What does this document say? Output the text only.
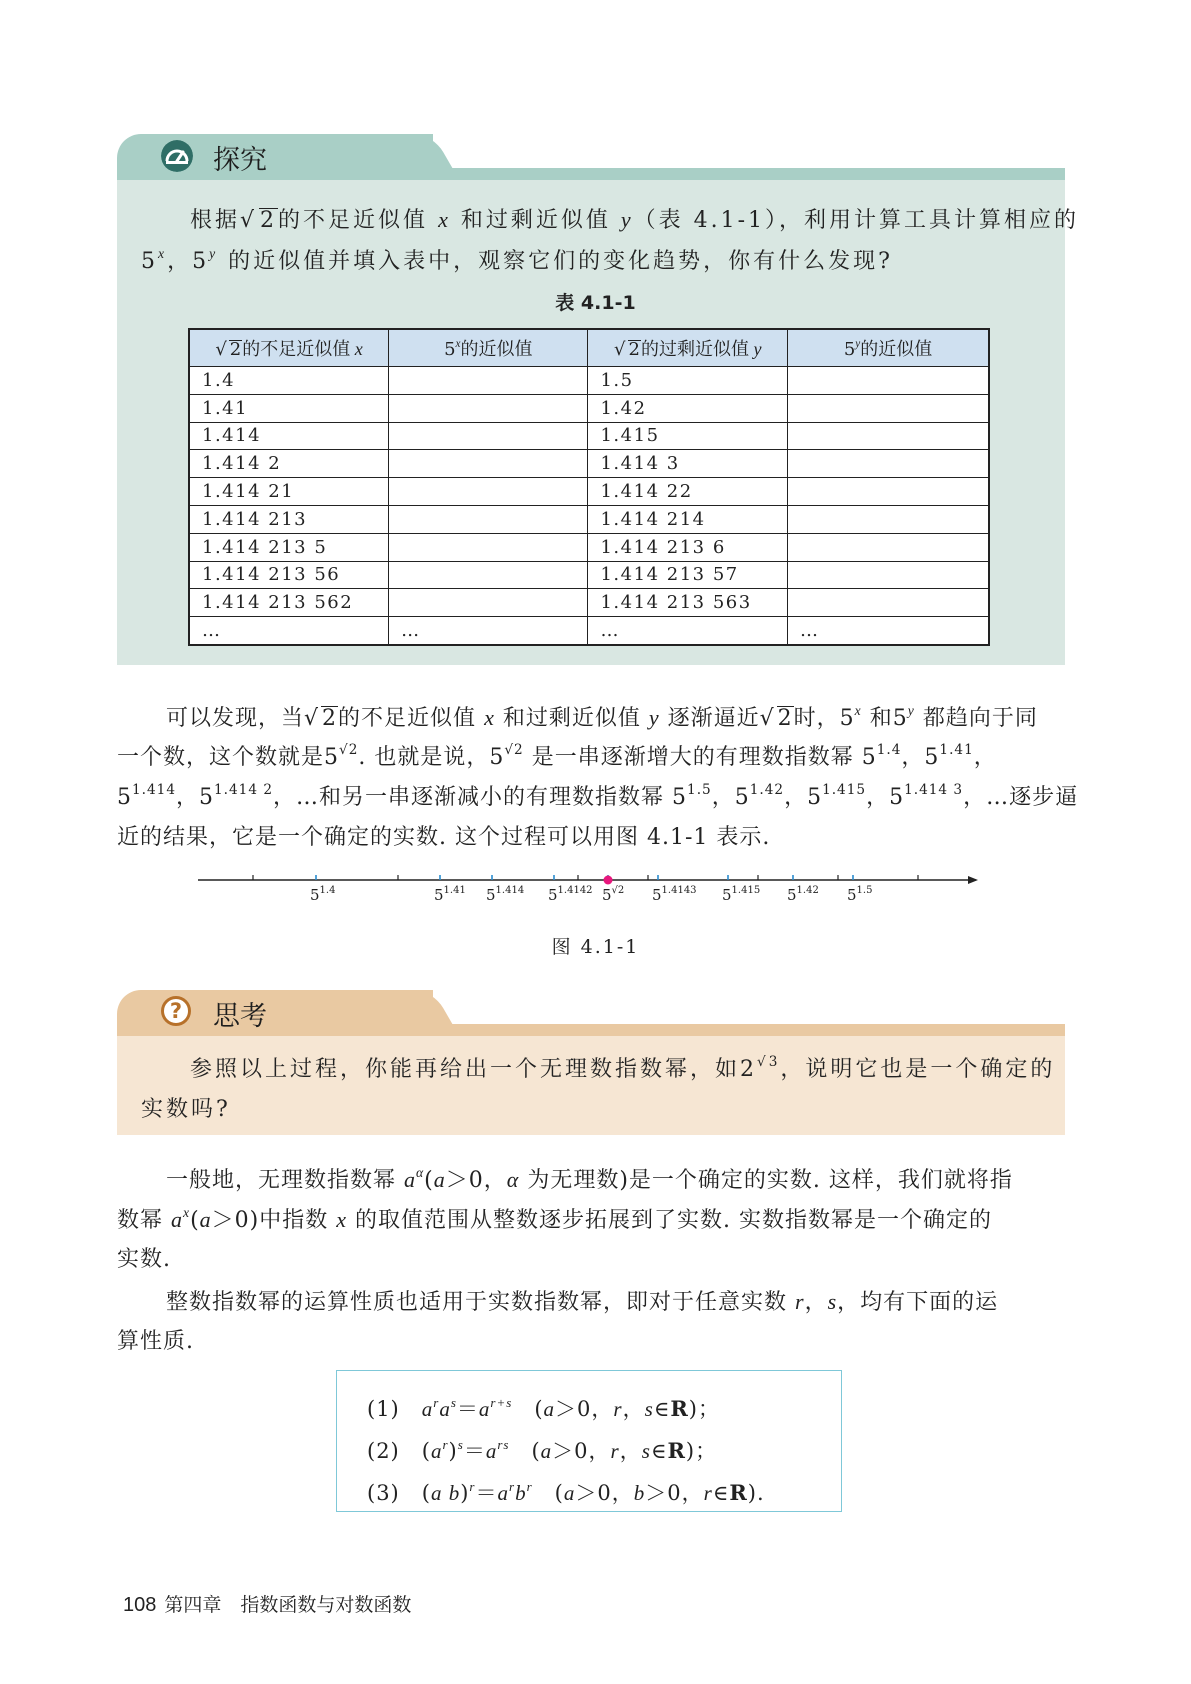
探究
根据√ 2的不足近似值 x 和过剩近似值 y（表 4.1-1），利用计算工具计算相应的
5$^x$，5$^y$ 的近似值并填入表中，观察它们的变化趋势，你有什么发现?
表 4.1-1
√ 2的不足近似值 x	5$^x$的近似值	√ 2的过剩近似值 y	5$^y$的近似值
1.4		1.5	
1.41		1.42	
1.414		1.415	
1.414 2		1.414 3	
1.414 21		1.414 22	
1.414 213		1.414 214	
1.414 213 5		1.414 213 6	
1.414 213 56		1.414 213 57	
1.414 213 562		1.414 213 563	
…	…	…	…
可以发现，当√ 2的不足近似值 x 和过剩近似值 y 逐渐逼近√ 2时，5$^x$ 和5$^y$ 都趋向于同
一个数，这个数就是$5^{√2}$. 也就是说，$5^{√2}$ 是一串逐渐增大的有理数指数幂 $5^{1.4}$，$5^{1.41}$，
$5^{1.414}$，$5^{1.414 2}$，…和另一串逐渐减小的有理数指数幂 $5^{1.5}$，$5^{1.42}$，$5^{1.415}$，$5^{1.414 3}$，…逐步逼
近的结果，它是一个确定的实数. 这个过程可以用图 4.1-1 表示.
$5^{1.4}$	$5^{1.41}$ $5^{1.414}$ $5^{1.4142}$ $5^{√2}$ $5^{1.4143}$ $5^{1.415}$ $5^{1.42}$ $5^{1.5}$
图 4.1-1
?	思考
参照以上过程，你能再给出一个无理数指数幂，如$2^{√3}$，说明它也是一个确定的
实数吗?
一般地，无理数指数幂 $a^\alpha(a>0$，α 为无理数)是一个确定的实数. 这样，我们就将指
数幂 $a^x(a>0)$中指数 x 的取值范围从整数逐步拓展到了实数. 实数指数幂是一个确定的
实数.
整数指数幂的运算性质也适用于实数指数幂，即对于任意实数 r，s，均有下面的运
算性质.
(1)　 $a^ra^s=a^{r+s}$　(a＞0，r，s∈R)；
(2)　$(a^r)^s=a^{rs}$　(a＞0，r，s∈R)；
(3)　(a $b)^r=a^rb^r$　(a＞0，b＞0，r∈R).
108 第四章　指数函数与对数函数
